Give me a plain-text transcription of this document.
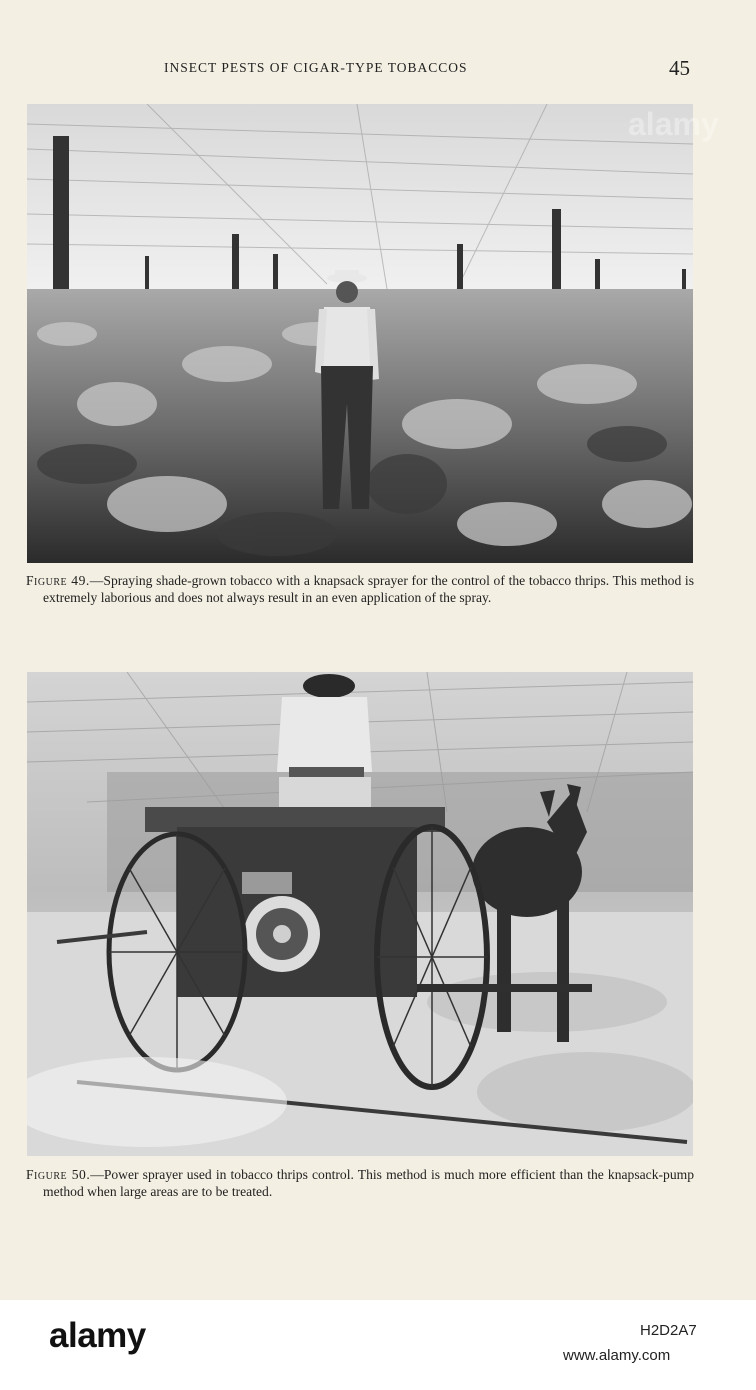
INSECT PESTS OF CIGAR-TYPE TOBACCOS	45
alamy

Figure 49.—Spraying shade-grown tobacco with a knapsack sprayer for the control of the tobacco thrips. This method is extremely laborious and does not always result in an even application of the spray.

Figure 50.—Power sprayer used in tobacco thrips control. This method is much more efficient than the knapsack-pump method when large areas are to be treated.

alamy	H2D2A7
www.alamy.com
